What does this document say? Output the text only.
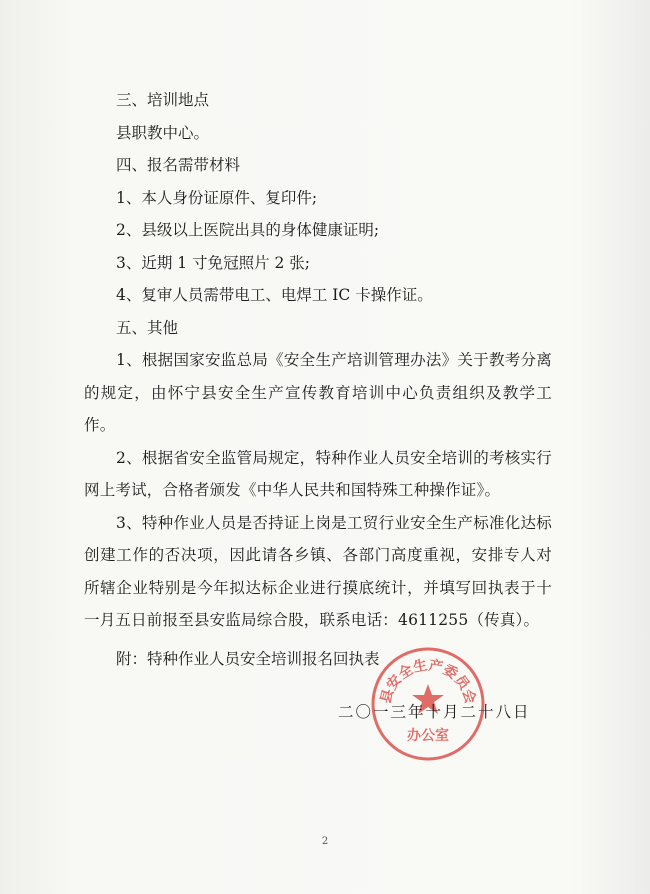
三、培训地点

县职教中心。

四、报名需带材料

1、本人身份证原件、复印件;

2、县级以上医院出具的身体健康证明;

3、近期 1 寸免冠照片 2 张;

4、复审人员需带电工、电焊工 IC 卡操作证。

五、其他

1、根据国家安监总局《安全生产培训管理办法》关于教考分离的规定，由怀宁县安全生产宣传教育培训中心负责组织及教学工作。

2、根据省安全监管局规定，特种作业人员安全培训的考核实行网上考试，合格者颁发《中华人民共和国特殊工种操作证》。

3、特种作业人员是否持证上岗是工贸行业安全生产标准化达标创建工作的否决项，因此请各乡镇、各部门高度重视，安排专人对所辖企业特别是今年拟达标企业进行摸底统计，并填写回执表于十一月五日前报至县安监局综合股，联系电话：4611255（传真）。

附：特种作业人员安全培训报名回执表

县安全生产委员会
办公室
二〇一三年十月二十八日
2
